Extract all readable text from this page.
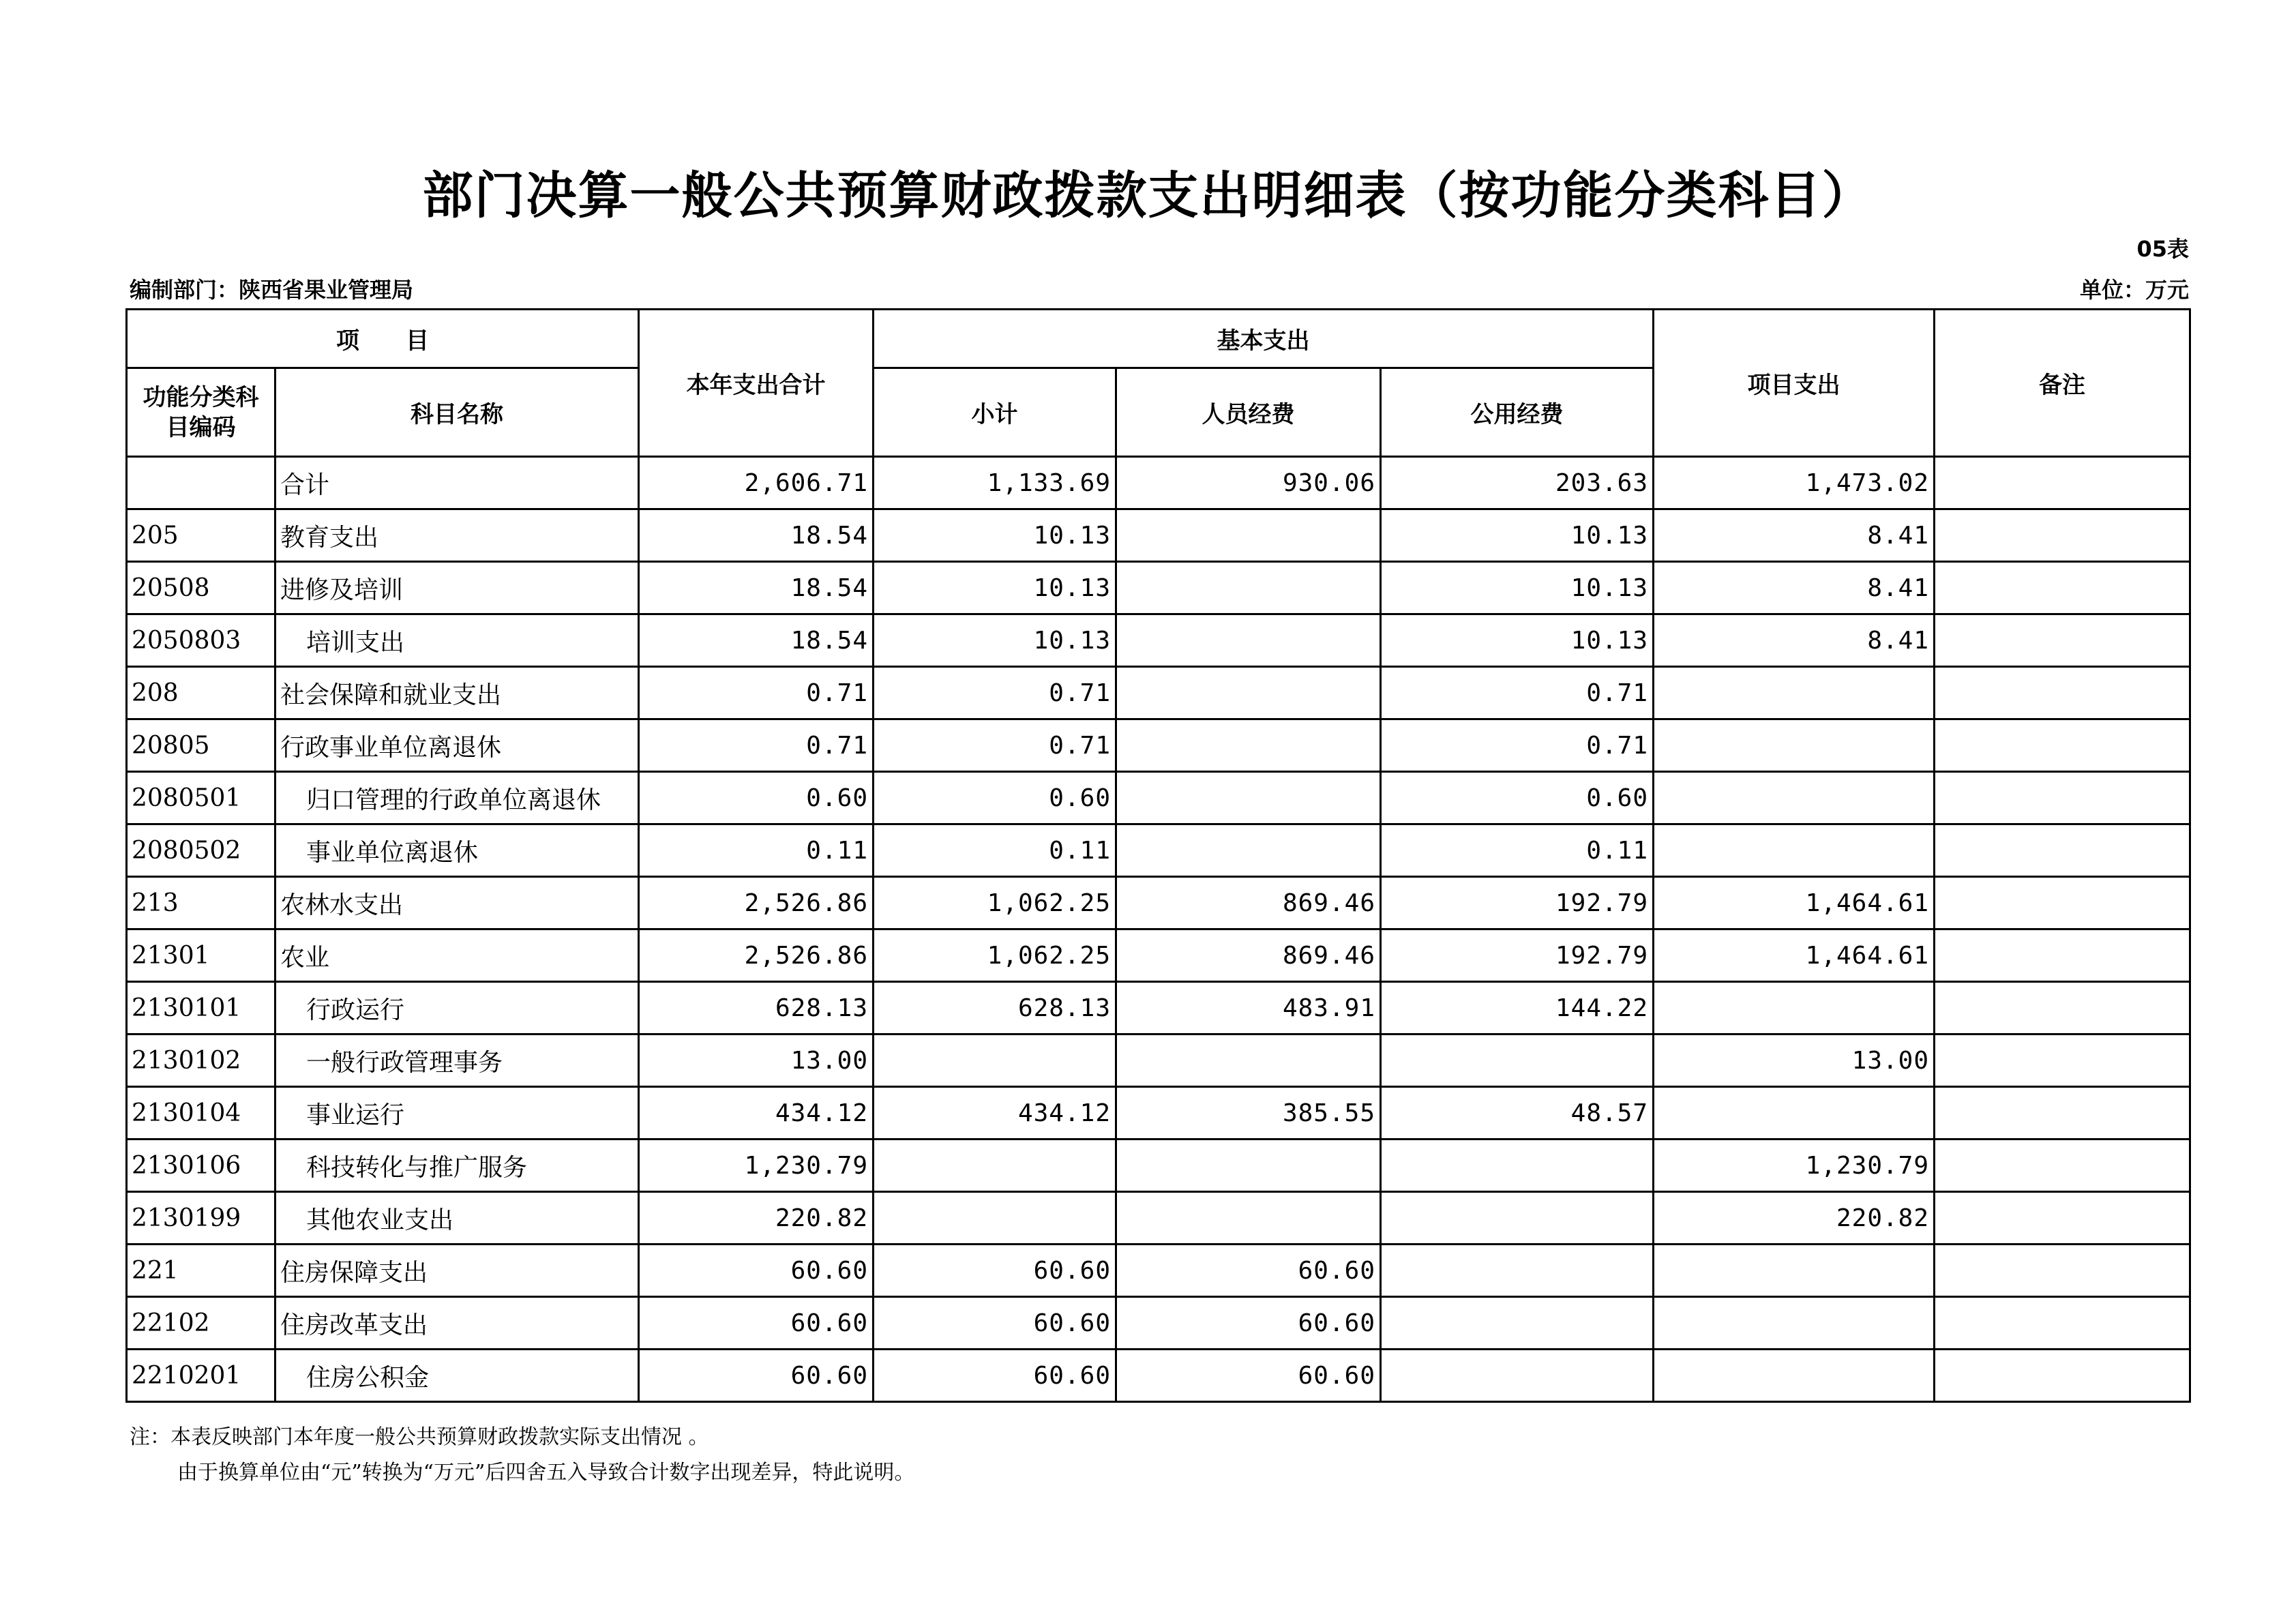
部门决算一般公共预算财政拨款支出明细表（按功能分类科目）
05表
编制部门：陕西省果业管理局	单位：万元
项　　目		本年支出合计	基本支出			项目支出	备注
功能分类科目编码	科目名称		小计	人员经费	公用经费		
	合计	2,606.71	1,133.69	930.06	203.63	1,473.02	
205	教育支出	18.54	10.13		10.13	8.41	
20508	进修及培训	18.54	10.13		10.13	8.41	
2050803	培训支出	18.54	10.13		10.13	8.41	
208	社会保障和就业支出	0.71	0.71		0.71		
20805	行政事业单位离退休	0.71	0.71		0.71		
2080501	归口管理的行政单位离退休	0.60	0.60		0.60		
2080502	事业单位离退休	0.11	0.11		0.11		
213	农林水支出	2,526.86	1,062.25	869.46	192.79	1,464.61	
21301	农业	2,526.86	1,062.25	869.46	192.79	1,464.61	
2130101	行政运行	628.13	628.13	483.91	144.22		
2130102	一般行政管理事务	13.00				13.00	
2130104	事业运行	434.12	434.12	385.55	48.57		
2130106	科技转化与推广服务	1,230.79				1,230.79	
2130199	其他农业支出	220.82				220.82	
221	住房保障支出	60.60	60.60	60.60			
22102	住房改革支出	60.60	60.60	60.60			
2210201	住房公积金	60.60	60.60	60.60			
注：本表反映部门本年度一般公共预算财政拨款实际支出情况 。
由于换算单位由“元”转换为“万元”后四舍五入导致合计数字出现差异，特此说明。
